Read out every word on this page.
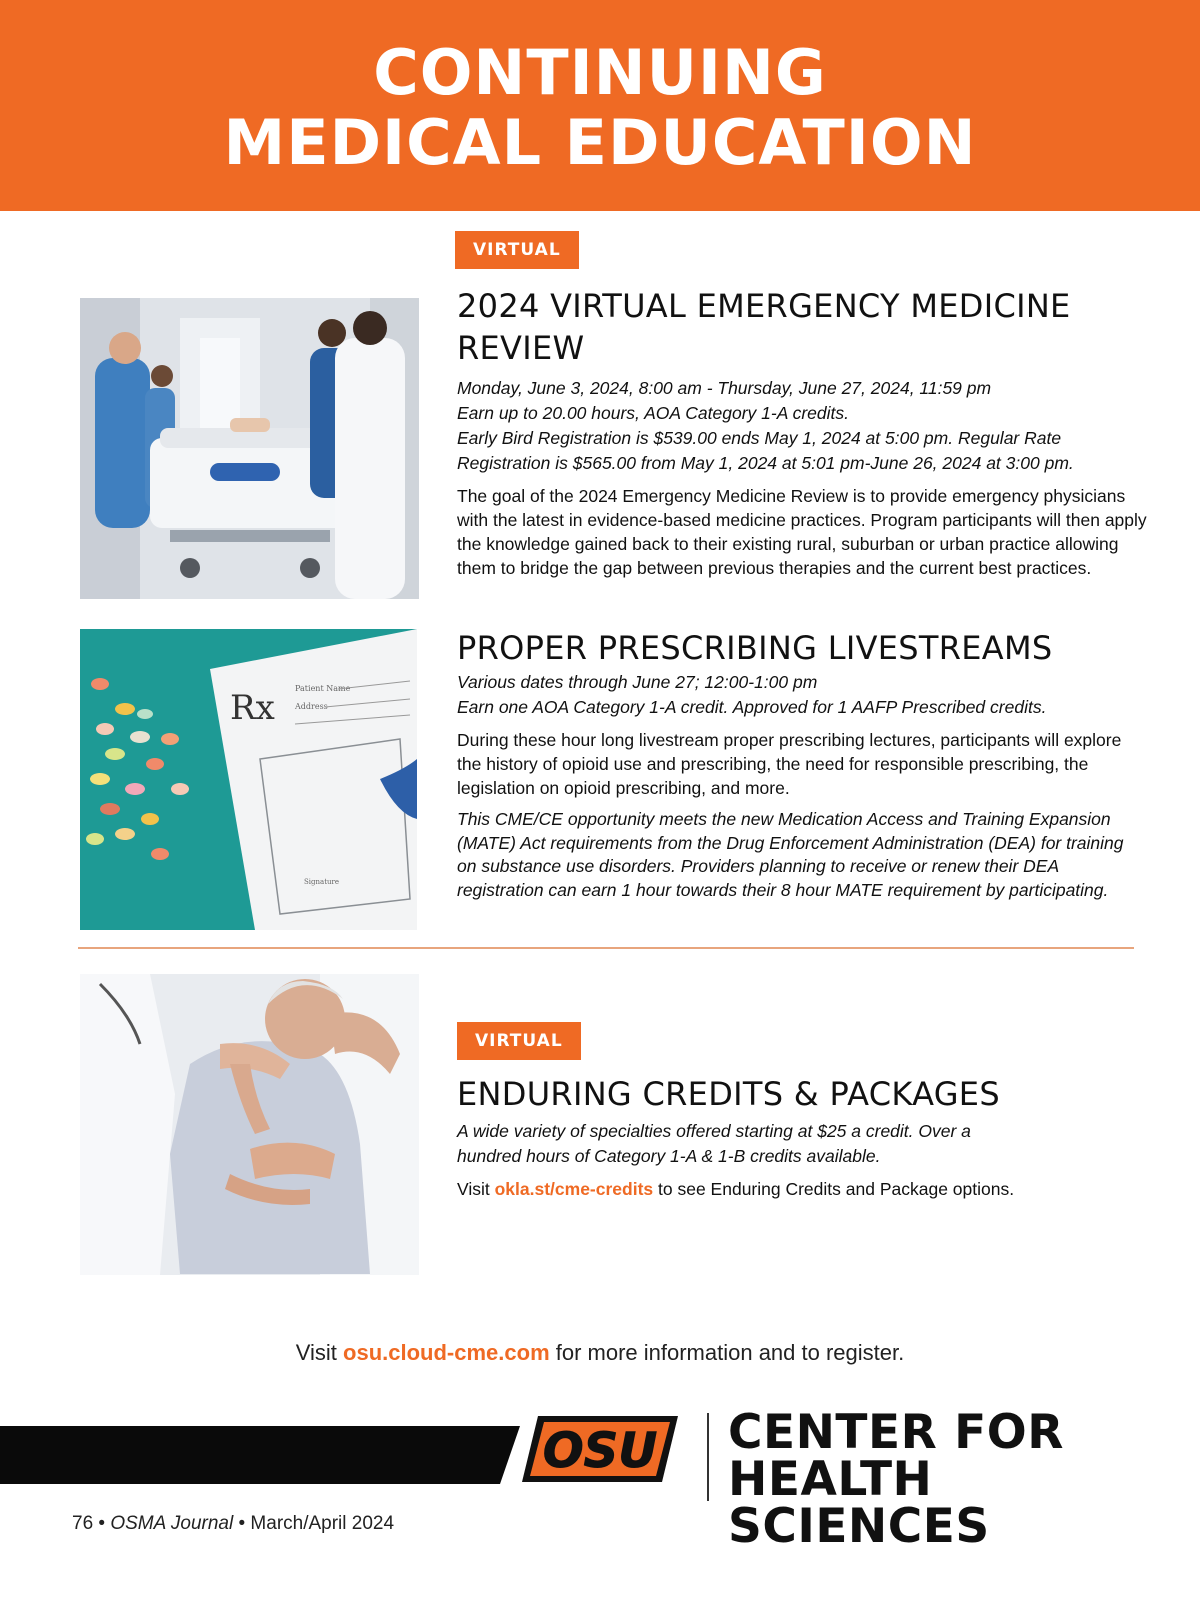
CONTINUING
MEDICAL EDUCATION
VIRTUAL
2024 VIRTUAL EMERGENCY MEDICINE
REVIEW
Monday, June 3, 2024, 8:00 am - Thursday, June 27, 2024, 11:59 pm
Earn up to 20.00 hours, AOA Category 1-A credits.
Early Bird Registration is $539.00 ends May 1, 2024 at 5:00 pm. Regular Rate
Registration is $565.00 from May 1, 2024 at 5:01 pm-June 26, 2024 at 3:00 pm.
The goal of the 2024 Emergency Medicine Review is to provide emergency physicians with the latest in evidence-based medicine practices. Program participants will then apply the knowledge gained back to their existing rural, suburban or urban practice allowing them to bridge the gap between previous therapies and the current best practices.
Rx	Patient Name
Address
Signature
PROPER PRESCRIBING LIVESTREAMS
Various dates through June 27; 12:00-1:00 pm
Earn one AOA Category 1-A credit. Approved for 1 AAFP Prescribed credits.
During these hour long livestream proper prescribing lectures, participants will explore the history of opioid use and prescribing, the need for responsible prescribing, the legislation on opioid prescribing, and more.
This CME/CE opportunity meets the new Medication Access and Training Expansion (MATE) Act requirements from the Drug Enforcement Administration (DEA) for training on substance use disorders. Providers planning to receive or renew their DEA registration can earn 1 hour towards their 8 hour MATE requirement by participating.
VIRTUAL
ENDURING CREDITS & PACKAGES
A wide variety of specialties offered starting at $25 a credit. Over a
hundred hours of Category 1-A & 1-B credits available.
Visit okla.st/cme-credits to see Enduring Credits and Package options.
Visit osu.cloud-cme.com for more information and to register.
OSU CENTER FOR
HEALTH SCIENCES
76 • OSMA Journal • March/April 2024
